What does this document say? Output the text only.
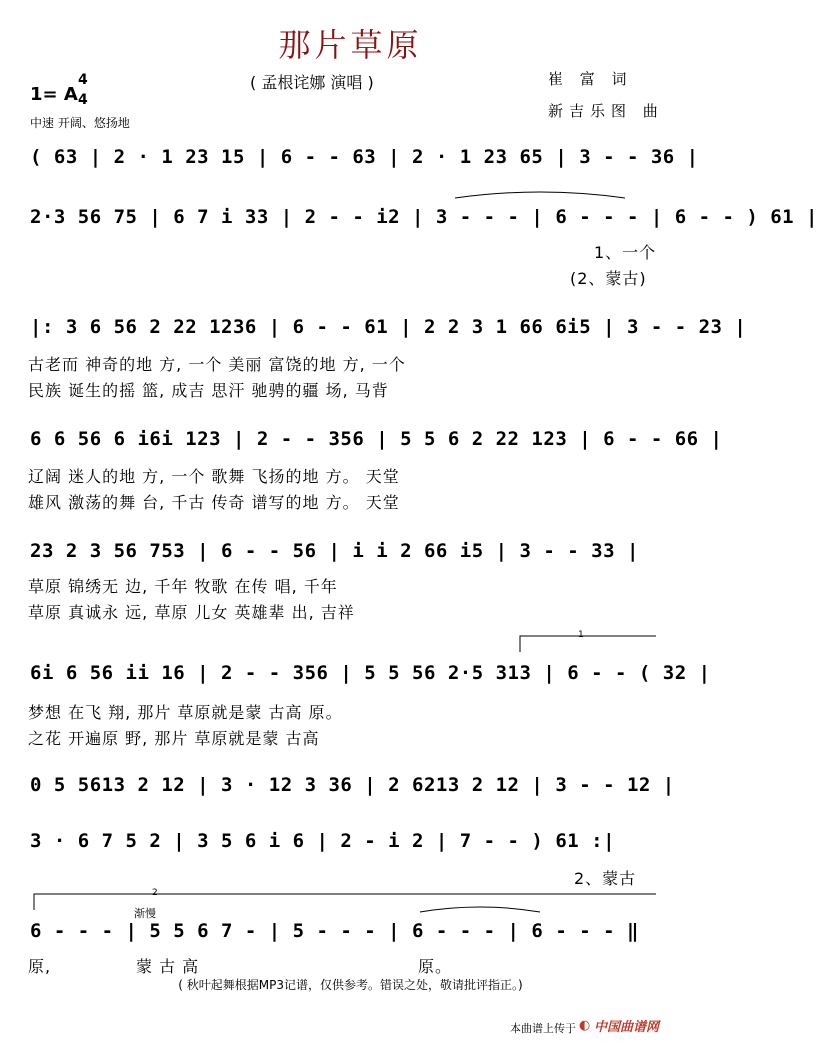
那片草原
( 孟根诧娜 演唱 )	崔 富 词
新吉乐图 曲
1= A
4
4
中速 开阔、悠扬地
( 63 | 2 · 1 23 15 | 6 - - 63 | 2 · 1 23 65 | 3 - - 36 |
2·3 56 75 | 6 7 i 33 | 2 - - i2 | 3 - - - | 6 - - - | 6 - - ) 61 |
1、一个
(2、蒙古)
|: 3 6 56 2 22 1236 | 6 - - 61 | 2 2 3 1 66 6i5 | 3 - - 23 |
古老而 神奇的地 方, 一个 美丽 富饶的地 方, 一个
民族 诞生的摇 篮, 成吉 思汗 驰骋的疆 场, 马背
6 6 56 6 i6i 123 | 2 - - 356 | 5 5 6 2 22 123 | 6 - - 66 |
辽阔 迷人的地 方, 一个 歌舞 飞扬的地 方。 天堂
雄风 激荡的舞 台, 千古 传奇 谱写的地 方。 天堂
23 2 3 56 753 | 6 - - 56 | i i 2 66 i5 | 3 - - 33 |
草原 锦绣无 边, 千年 牧歌 在传 唱, 千年
草原 真诚永 远, 草原 儿女 英雄辈 出, 吉祥
1
6i 6 56 ii 16 | 2 - - 356 | 5 5 56 2·5 313 | 6 - - ( 32 |
梦想 在飞 翔, 那片 草原就是蒙 古高 原。
之花 开遍原 野, 那片 草原就是蒙 古高
0 5 5613 2 12 | 3 · 12 3 36 | 2 6213 2 12 | 3 - - 12 |
3 · 6 7 5 2 | 3 5 6 i 6 | 2 - i 2 | 7 - - ) 61 :|
2、蒙古
2
渐慢
6 - - - | 5 5 6 7 - | 5 - - - | 6 - - - | 6 - - - ‖
原,	蒙 古 高	原。
( 秋叶起舞根据MP3记谱，仅供参考。错误之处，敬请批评指正。)
本曲谱上传于 ◐ 中国曲谱网
